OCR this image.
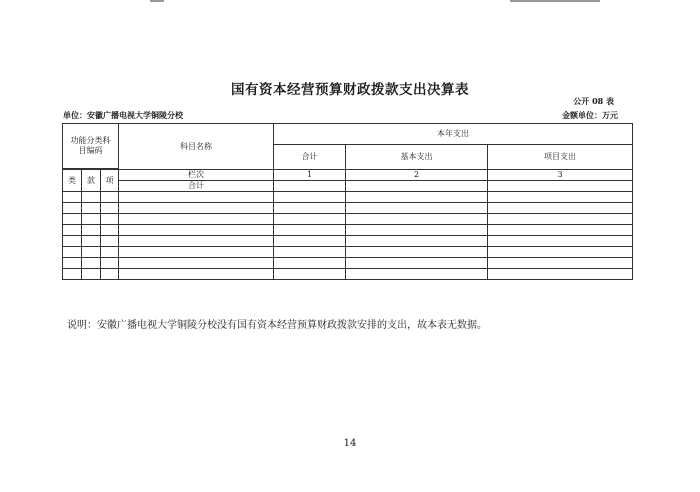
国有资本经营预算财政拨款支出决算表
公开 08 表
单位：安徽广播电视大学铜陵分校	金额单位：万元
功能分类科目编码			科目名称	本年支出		
				合计	基本支出	项目支出

类	款	项	栏次	1	2	3
			合计			

说明：安徽广播电视大学铜陵分校没有国有资本经营预算财政拨款安排的支出，故本表无数据。
14
